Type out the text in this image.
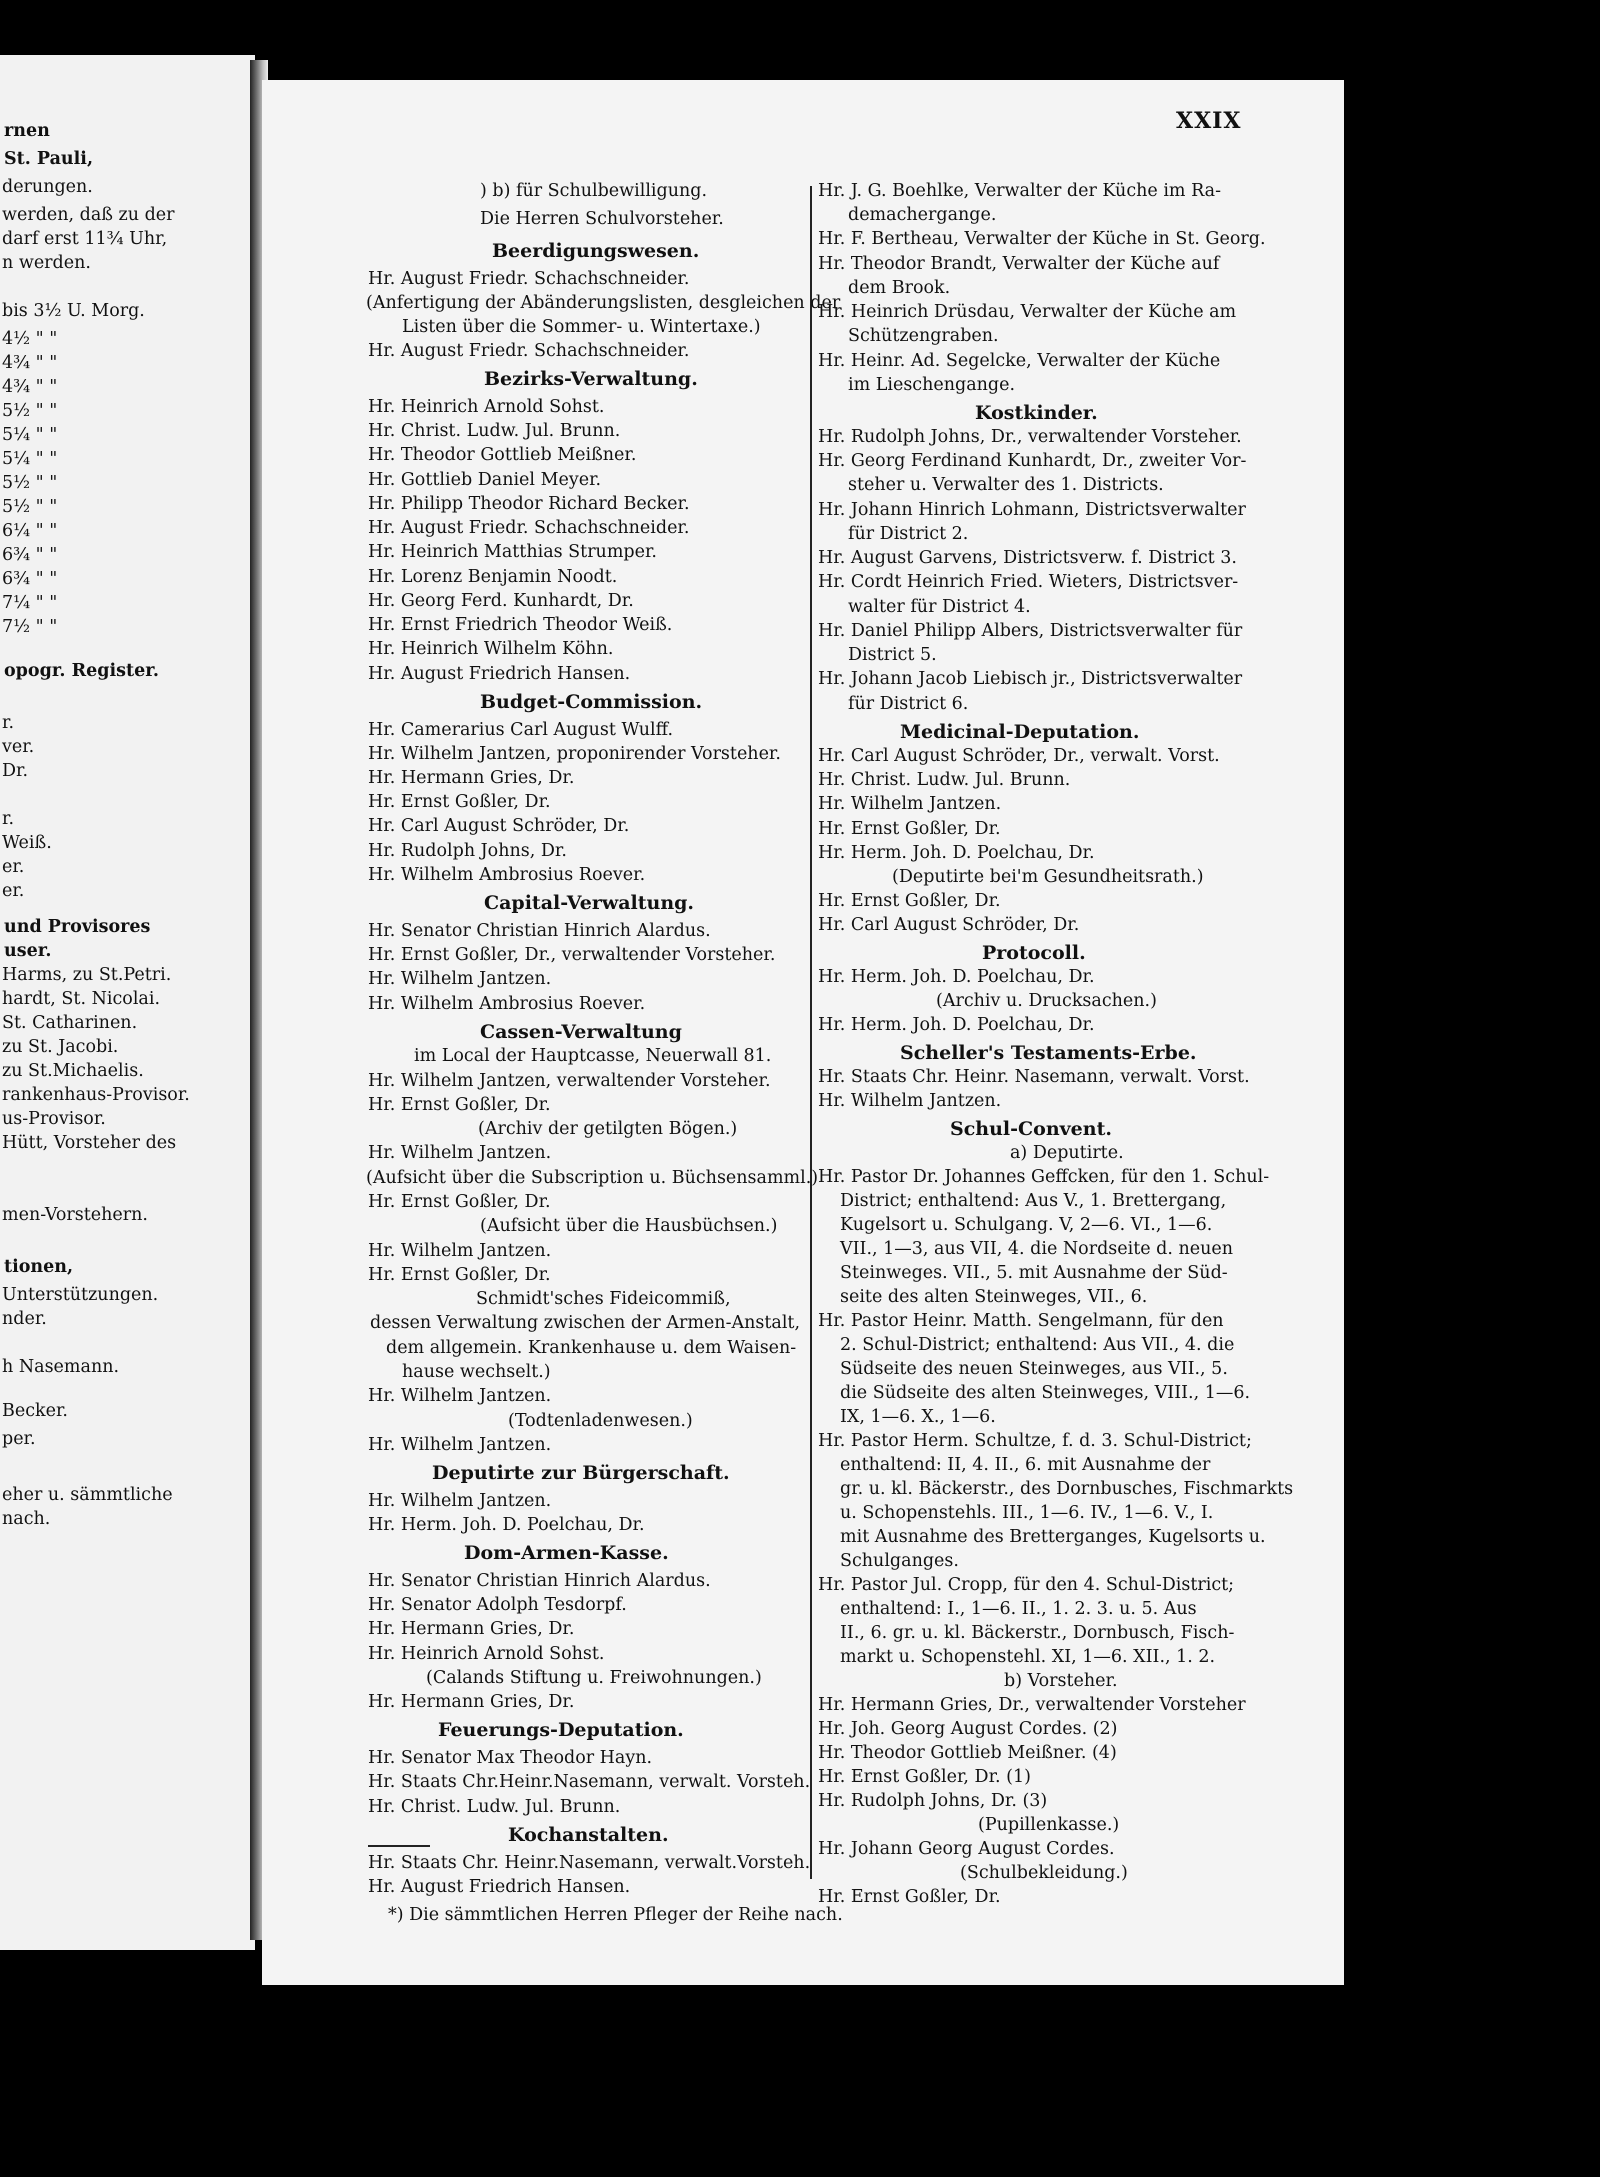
rnen
St. Pauli,
derungen.
werden, daß zu der
darf erst 11¾ Uhr,
n werden.
bis 3½ U. Morg.
4½ " "
4¾ " "
4¾ " "
5½ " "
5¼ " "
5¼ " "
5½ " "
5½ " "
6¼ " "
6¾ " "
6¾ " "
7¼ " "
7½ " "
opogr. Register.
r.
ver.
Dr.
r.
Weiß.
er.
er.
und Provisores
user.
Harms, zu St.Petri.
hardt, St. Nicolai.
St. Catharinen.
zu St. Jacobi.
zu St.Michaelis.
rankenhaus-Provisor.
us-Provisor.
Hütt, Vorsteher des
men-Vorstehern.
tionen,
Unterstützungen.
nder.
h Nasemann.
Becker.
per.
eher u. sämmtliche
nach.
XXIX
) b) für Schulbewilligung.
Die Herren Schulvorsteher.
Beerdigungswesen.
Hr. August Friedr. Schachschneider.
(Anfertigung der Abänderungslisten, desgleichen der
Listen über die Sommer- u. Wintertaxe.)
Hr. August Friedr. Schachschneider.
Bezirks-Verwaltung.
Hr. Heinrich Arnold Sohst.
Hr. Christ. Ludw. Jul. Brunn.
Hr. Theodor Gottlieb Meißner.
Hr. Gottlieb Daniel Meyer.
Hr. Philipp Theodor Richard Becker.
Hr. August Friedr. Schachschneider.
Hr. Heinrich Matthias Strumper.
Hr. Lorenz Benjamin Noodt.
Hr. Georg Ferd. Kunhardt, Dr.
Hr. Ernst Friedrich Theodor Weiß.
Hr. Heinrich Wilhelm Köhn.
Hr. August Friedrich Hansen.
Budget-Commission.
Hr. Camerarius Carl August Wulff.
Hr. Wilhelm Jantzen, proponirender Vorsteher.
Hr. Hermann Gries, Dr.
Hr. Ernst Goßler, Dr.
Hr. Carl August Schröder, Dr.
Hr. Rudolph Johns, Dr.
Hr. Wilhelm Ambrosius Roever.
Capital-Verwaltung.
Hr. Senator Christian Hinrich Alardus.
Hr. Ernst Goßler, Dr., verwaltender Vorsteher.
Hr. Wilhelm Jantzen.
Hr. Wilhelm Ambrosius Roever.
Cassen-Verwaltung
im Local der Hauptcasse, Neuerwall 81.
Hr. Wilhelm Jantzen, verwaltender Vorsteher.
Hr. Ernst Goßler, Dr.
(Archiv der getilgten Bögen.)
Hr. Wilhelm Jantzen.
(Aufsicht über die Subscription u. Büchsensamml.)
Hr. Ernst Goßler, Dr.
(Aufsicht über die Hausbüchsen.)
Hr. Wilhelm Jantzen.
Hr. Ernst Goßler, Dr.
Schmidt'sches Fideicommiß,
dessen Verwaltung zwischen der Armen-Anstalt,
dem allgemein. Krankenhause u. dem Waisen-
hause wechselt.)
Hr. Wilhelm Jantzen.
(Todtenladenwesen.)
Hr. Wilhelm Jantzen.
Deputirte zur Bürgerschaft.
Hr. Wilhelm Jantzen.
Hr. Herm. Joh. D. Poelchau, Dr.
Dom-Armen-Kasse.
Hr. Senator Christian Hinrich Alardus.
Hr. Senator Adolph Tesdorpf.
Hr. Hermann Gries, Dr.
Hr. Heinrich Arnold Sohst.
(Calands Stiftung u. Freiwohnungen.)
Hr. Hermann Gries, Dr.
Feuerungs-Deputation.
Hr. Senator Max Theodor Hayn.
Hr. Staats Chr.Heinr.Nasemann, verwalt. Vorsteh.
Hr. Christ. Ludw. Jul. Brunn.
Kochanstalten.
Hr. Staats Chr. Heinr.Nasemann, verwalt.Vorsteh.
Hr. August Friedrich Hansen.
*) Die sämmtlichen Herren Pfleger der Reihe nach.
Hr. J. G. Boehlke, Verwalter der Küche im Ra-
demachergange.
Hr. F. Bertheau, Verwalter der Küche in St. Georg.
Hr. Theodor Brandt, Verwalter der Küche auf
dem Brook.
Hr. Heinrich Drüsdau, Verwalter der Küche am
Schützengraben.
Hr. Heinr. Ad. Segelcke, Verwalter der Küche
im Lieschengange.
Kostkinder.
Hr. Rudolph Johns, Dr., verwaltender Vorsteher.
Hr. Georg Ferdinand Kunhardt, Dr., zweiter Vor-
steher u. Verwalter des 1. Districts.
Hr. Johann Hinrich Lohmann, Districtsverwalter
für District 2.
Hr. August Garvens, Districtsverw. f. District 3.
Hr. Cordt Heinrich Fried. Wieters, Districtsver-
walter für District 4.
Hr. Daniel Philipp Albers, Districtsverwalter für
District 5.
Hr. Johann Jacob Liebisch jr., Districtsverwalter
für District 6.
Medicinal-Deputation.
Hr. Carl August Schröder, Dr., verwalt. Vorst.
Hr. Christ. Ludw. Jul. Brunn.
Hr. Wilhelm Jantzen.
Hr. Ernst Goßler, Dr.
Hr. Herm. Joh. D. Poelchau, Dr.
(Deputirte bei'm Gesundheitsrath.)
Hr. Ernst Goßler, Dr.
Hr. Carl August Schröder, Dr.
Protocoll.
Hr. Herm. Joh. D. Poelchau, Dr.
(Archiv u. Drucksachen.)
Hr. Herm. Joh. D. Poelchau, Dr.
Scheller's Testaments-Erbe.
Hr. Staats Chr. Heinr. Nasemann, verwalt. Vorst.
Hr. Wilhelm Jantzen.
Schul-Convent.
a) Deputirte.
Hr. Pastor Dr. Johannes Geffcken, für den 1. Schul-
District; enthaltend: Aus V., 1. Brettergang,
Kugelsort u. Schulgang. V, 2—6. VI., 1—6.
VII., 1—3, aus VII, 4. die Nordseite d. neuen
Steinweges. VII., 5. mit Ausnahme der Süd-
seite des alten Steinweges, VII., 6.
Hr. Pastor Heinr. Matth. Sengelmann, für den
2. Schul-District; enthaltend: Aus VII., 4. die
Südseite des neuen Steinweges, aus VII., 5.
die Südseite des alten Steinweges, VIII., 1—6.
IX, 1—6. X., 1—6.
Hr. Pastor Herm. Schultze, f. d. 3. Schul-District;
enthaltend: II, 4. II., 6. mit Ausnahme der
gr. u. kl. Bäckerstr., des Dornbusches, Fischmarkts
u. Schopenstehls. III., 1—6. IV., 1—6. V., I.
mit Ausnahme des Bretterganges, Kugelsorts u.
Schulganges.
Hr. Pastor Jul. Cropp, für den 4. Schul-District;
enthaltend: I., 1—6. II., 1. 2. 3. u. 5. Aus
II., 6. gr. u. kl. Bäckerstr., Dornbusch, Fisch-
markt u. Schopenstehl. XI, 1—6. XII., 1. 2.
b) Vorsteher.
Hr. Hermann Gries, Dr., verwaltender Vorsteher
Hr. Joh. Georg August Cordes. (2)
Hr. Theodor Gottlieb Meißner. (4)
Hr. Ernst Goßler, Dr. (1)
Hr. Rudolph Johns, Dr. (3)
(Pupillenkasse.)
Hr. Johann Georg August Cordes.
(Schulbekleidung.)
Hr. Ernst Goßler, Dr.
